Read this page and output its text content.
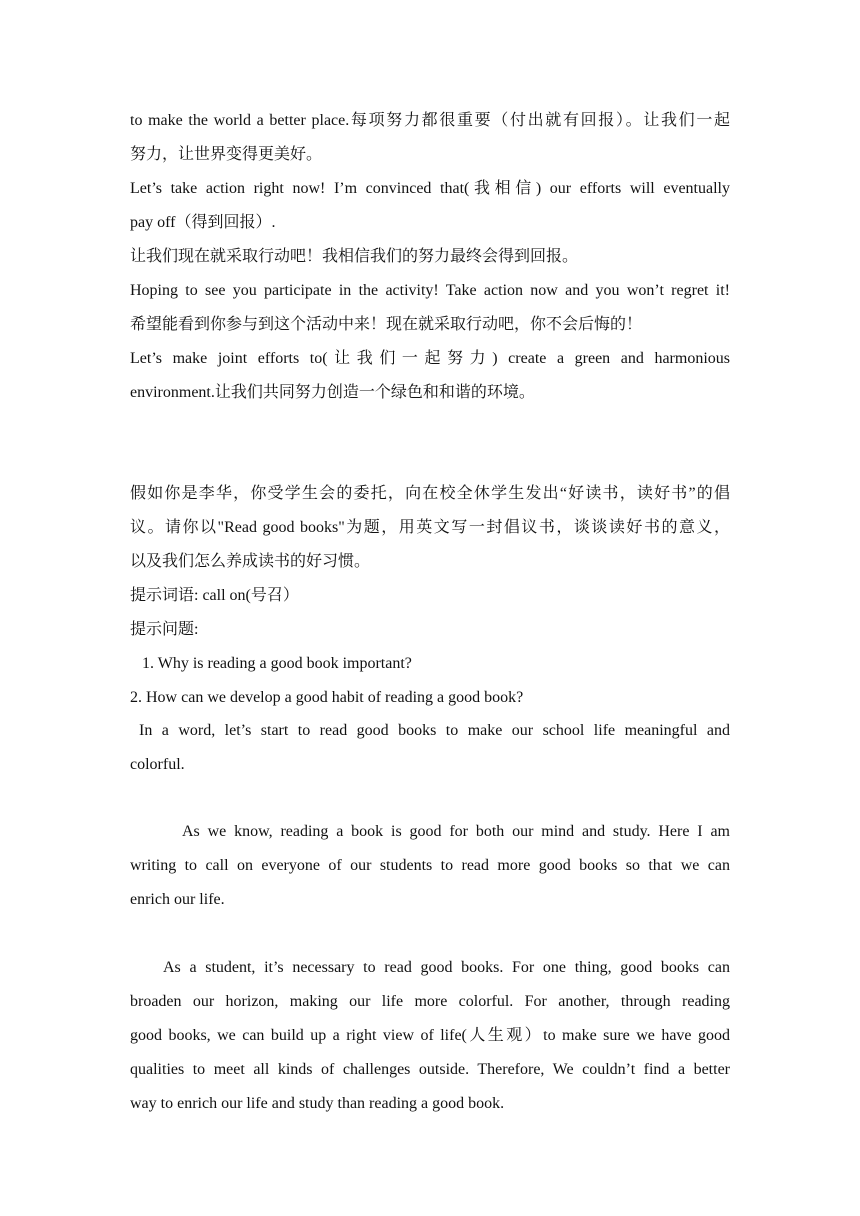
to make the world a better place.每项努力都很重要（付出就有回报）。让我们一起
努力，让世界变得更美好。
Let’s take action right now! I’m convinced that(我相信) our efforts will eventually
pay off（得到回报）.
让我们现在就采取行动吧！我相信我们的努力最终会得到回报。
Hoping to see you participate in the activity! Take action now and you won’t regret it!
希望能看到你参与到这个活动中来！现在就采取行动吧，你不会后悔的！
Let’s make joint efforts to(让我们一起努力) create a green and harmonious
environment.让我们共同努力创造一个绿色和和谐的环境。
假如你是李华，你受学生会的委托，向在校全休学生发出“好读书，读好书”的倡
议。请你以"Read good books"为题，用英文写一封倡议书，谈谈读好书的意义，
以及我们怎么养成读书的好习惯。
提示词语: call on(号召）
提示问题:
1. Why is reading a good book important?
2. How can we develop a good habit of reading a good book?
In a word, let’s start to read good books to make our school life meaningful and
colorful.
As we know, reading a book is good for both our mind and study. Here I am
writing to call on everyone of our students to read more good books so that we can
enrich our life.
As a student, it’s necessary to read good books. For one thing, good books can
broaden our horizon, making our life more colorful. For another, through reading
good books, we can build up a right view of life(人生观）to make sure we have good
qualities to meet all kinds of challenges outside. Therefore, We couldn’t find a better
way to enrich our life and study than reading a good book.
